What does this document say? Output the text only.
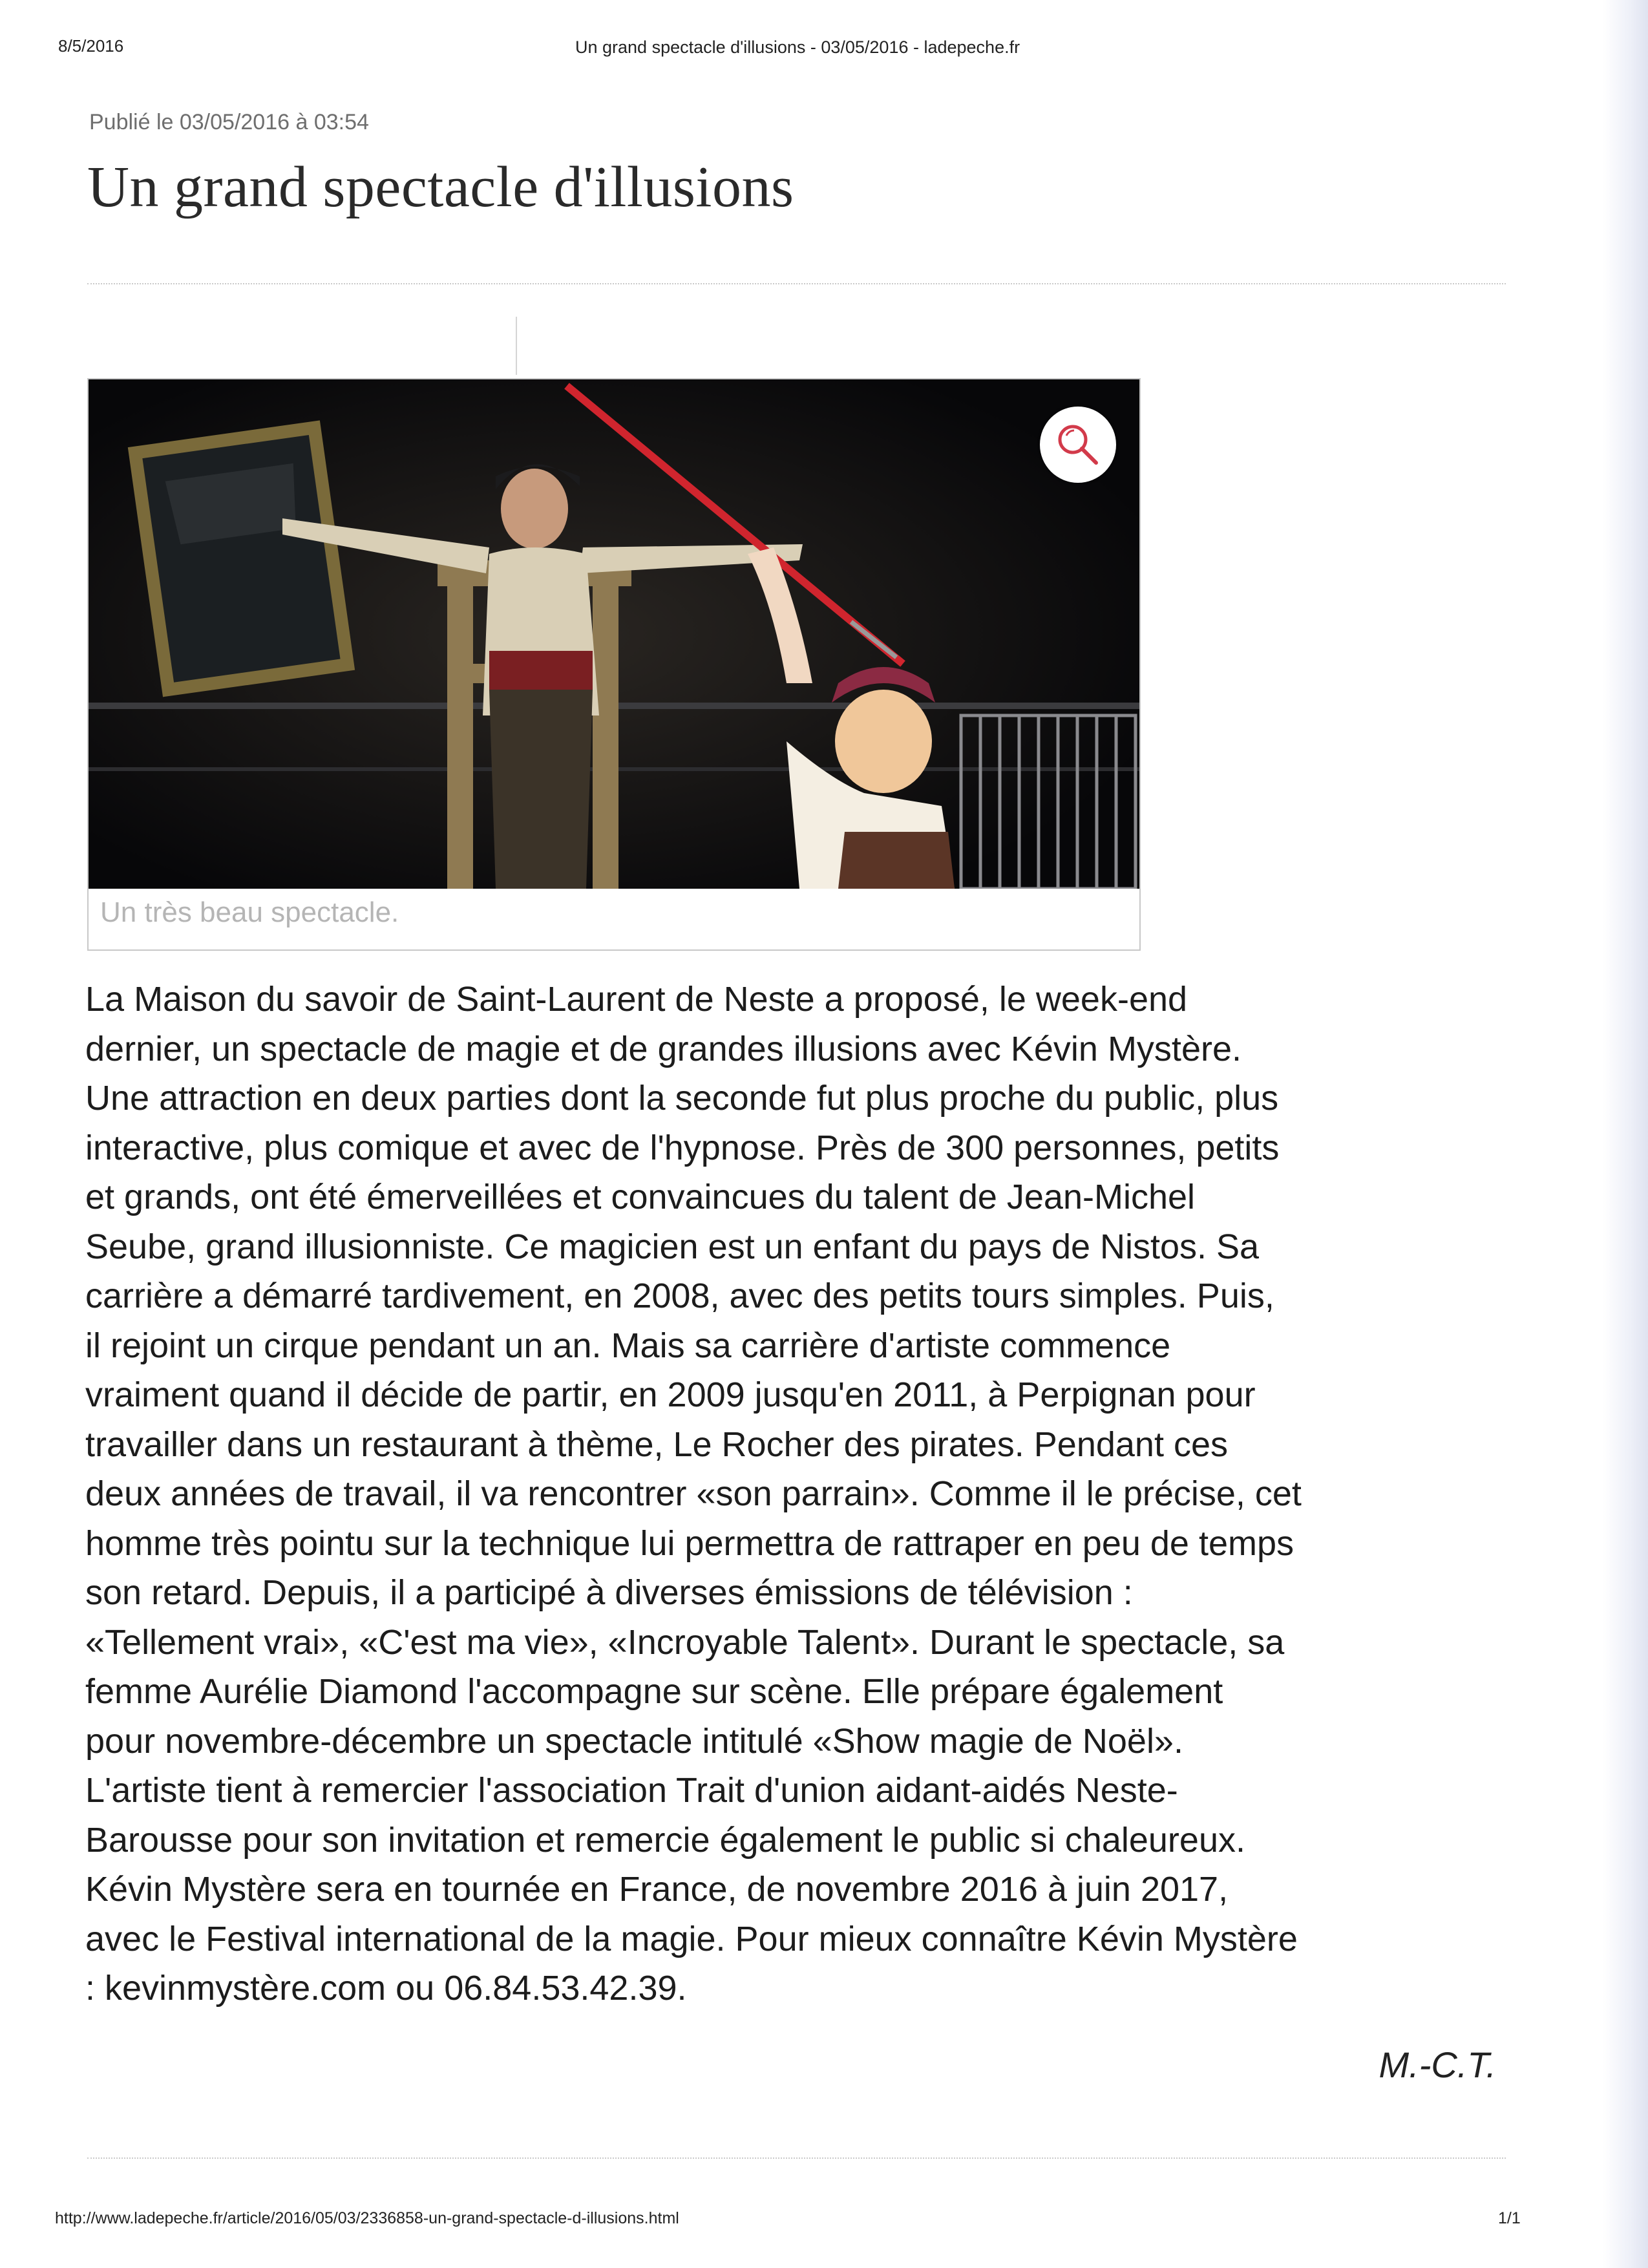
8/5/2016	Un grand spectacle d'illusions - 03/05/2016 - ladepeche.fr
Publié le 03/05/2016 à 03:54
Un grand spectacle d'illusions
Un très beau spectacle.

La Maison du savoir de Saint-Laurent de Neste a proposé, le week-end
dernier, un spectacle de magie et de grandes illusions avec Kévin Mystère.
Une attraction en deux parties dont la seconde fut plus proche du public, plus
interactive, plus comique et avec de l'hypnose. Près de 300 personnes, petits
et grands, ont été émerveillées et convaincues du talent de Jean-Michel
Seube, grand illusionniste. Ce magicien est un enfant du pays de Nistos. Sa
carrière a démarré tardivement, en 2008, avec des petits tours simples. Puis,
il rejoint un cirque pendant un an. Mais sa carrière d'artiste commence
vraiment quand il décide de partir, en 2009 jusqu'en 2011, à Perpignan pour
travailler dans un restaurant à thème, Le Rocher des pirates. Pendant ces
deux années de travail, il va rencontrer «son parrain». Comme il le précise, cet
homme très pointu sur la technique lui permettra de rattraper en peu de temps
son retard. Depuis, il a participé à diverses émissions de télévision :
«Tellement vrai», «C'est ma vie», «Incroyable Talent». Durant le spectacle, sa
femme Aurélie Diamond l'accompagne sur scène. Elle prépare également
pour novembre-décembre un spectacle intitulé «Show magie de Noël».
L'artiste tient à remercier l'association Trait d'union aidant-aidés Neste-
Barousse pour son invitation et remercie également le public si chaleureux.
Kévin Mystère sera en tournée en France, de novembre 2016 à juin 2017,
avec le Festival international de la magie. Pour mieux connaître Kévin Mystère
: kevinmystère.com ou 06.84.53.42.39.

M.-C.T.
http://www.ladepeche.fr/article/2016/05/03/2336858-un-grand-spectacle-d-illusions.html	1/1
